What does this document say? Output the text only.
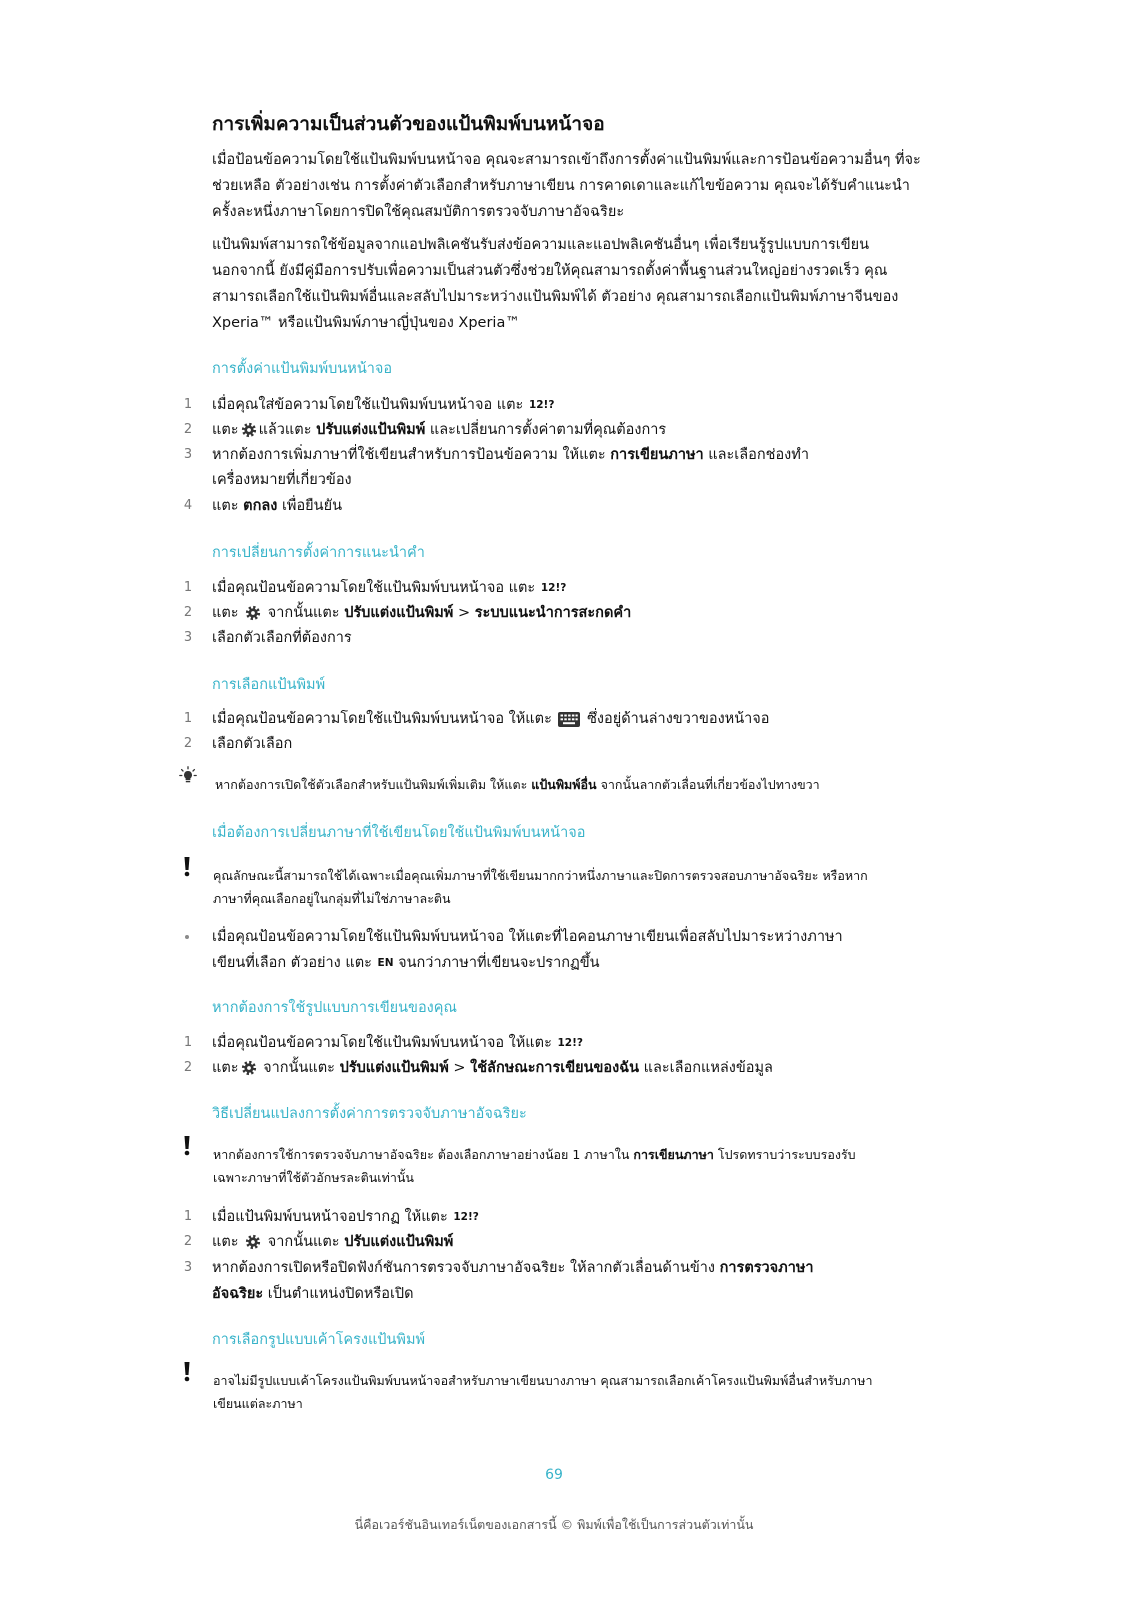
การเพิ่มความเป็นส่วนตัวของแป้นพิมพ์บนหน้าจอ
เมื่อป้อนข้อความโดยใช้แป้นพิมพ์บนหน้าจอ คุณจะสามารถเข้าถึงการตั้งค่าแป้นพิมพ์และการป้อนข้อความอื่นๆ ที่จะ
ช่วยเหลือ ตัวอย่างเช่น การตั้งค่าตัวเลือกสำหรับภาษาเขียน การคาดเดาและแก้ไขข้อความ คุณจะได้รับคำแนะนำ
ครั้งละหนึ่งภาษาโดยการปิดใช้คุณสมบัติการตรวจจับภาษาอัจฉริยะ
แป้นพิมพ์สามารถใช้ข้อมูลจากแอปพลิเคชันรับส่งข้อความและแอปพลิเคชันอื่นๆ เพื่อเรียนรู้รูปแบบการเขียน
นอกจากนี้ ยังมีคู่มือการปรับเพื่อความเป็นส่วนตัวซึ่งช่วยให้คุณสามารถตั้งค่าพื้นฐานส่วนใหญ่อย่างรวดเร็ว คุณ
สามารถเลือกใช้แป้นพิมพ์อื่นและสลับไปมาระหว่างแป้นพิมพ์ได้ ตัวอย่าง คุณสามารถเลือกแป้นพิมพ์ภาษาจีนของ
Xperia™ หรือแป้นพิมพ์ภาษาญี่ปุ่นของ Xperia™
การตั้งค่าแป้นพิมพ์บนหน้าจอ
1 เมื่อคุณใส่ข้อความโดยใช้แป้นพิมพ์บนหน้าจอ แตะ 12!?
2 แตะ แล้วแตะ ปรับแต่งแป้นพิมพ์ และเปลี่ยนการตั้งค่าตามที่คุณต้องการ
3 หากต้องการเพิ่มภาษาที่ใช้เขียนสำหรับการป้อนข้อความ ให้แตะ การเขียนภาษา และเลือกช่องทำ
เครื่องหมายที่เกี่ยวข้อง
4 แตะ ตกลง เพื่อยืนยัน
การเปลี่ยนการตั้งค่าการแนะนำคำ
1 เมื่อคุณป้อนข้อความโดยใช้แป้นพิมพ์บนหน้าจอ แตะ 12!?
2 แตะ  จากนั้นแตะ ปรับแต่งแป้นพิมพ์ > ระบบแนะนำการสะกดคำ
3 เลือกตัวเลือกที่ต้องการ
การเลือกแป้นพิมพ์
1 เมื่อคุณป้อนข้อความโดยใช้แป้นพิมพ์บนหน้าจอ ให้แตะ  ซึ่งอยู่ด้านล่างขวาของหน้าจอ
2 เลือกตัวเลือก
หากต้องการเปิดใช้ตัวเลือกสำหรับแป้นพิมพ์เพิ่มเติม ให้แตะ แป้นพิมพ์อื่น จากนั้นลากตัวเลื่อนที่เกี่ยวข้องไปทางขวา
เมื่อต้องการเปลี่ยนภาษาที่ใช้เขียนโดยใช้แป้นพิมพ์บนหน้าจอ
คุณลักษณะนี้สามารถใช้ได้เฉพาะเมื่อคุณเพิ่มภาษาที่ใช้เขียนมากกว่าหนึ่งภาษาและปิดการตรวจสอบภาษาอัจฉริยะ หรือหาก
ภาษาที่คุณเลือกอยู่ในกลุ่มที่ไม่ใช่ภาษาละติน
เมื่อคุณป้อนข้อความโดยใช้แป้นพิมพ์บนหน้าจอ ให้แตะที่ไอคอนภาษาเขียนเพื่อสลับไปมาระหว่างภาษา
เขียนที่เลือก ตัวอย่าง แตะ EN จนกว่าภาษาที่เขียนจะปรากฏขึ้น
หากต้องการใช้รูปแบบการเขียนของคุณ
1 เมื่อคุณป้อนข้อความโดยใช้แป้นพิมพ์บนหน้าจอ ให้แตะ 12!?
2 แตะ จากนั้นแตะ ปรับแต่งแป้นพิมพ์ > ใช้ลักษณะการเขียนของฉัน และเลือกแหล่งข้อมูล
วิธีเปลี่ยนแปลงการตั้งค่าการตรวจจับภาษาอัจฉริยะ
หากต้องการใช้การตรวจจับภาษาอัจฉริยะ ต้องเลือกภาษาอย่างน้อย 1 ภาษาใน การเขียนภาษา โปรดทราบว่าระบบรองรับ
เฉพาะภาษาที่ใช้ตัวอักษรละตินเท่านั้น
1 เมื่อแป้นพิมพ์บนหน้าจอปรากฏ ให้แตะ 12!?
2 แตะ  จากนั้นแตะ ปรับแต่งแป้นพิมพ์
3 หากต้องการเปิดหรือปิดฟังก์ชันการตรวจจับภาษาอัจฉริยะ ให้ลากตัวเลื่อนด้านข้าง การตรวจภาษา
อัจฉริยะ เป็นตำแหน่งปิดหรือเปิด
การเลือกรูปแบบเค้าโครงแป้นพิมพ์
อาจไม่มีรูปแบบเค้าโครงแป้นพิมพ์บนหน้าจอสำหรับภาษาเขียนบางภาษา คุณสามารถเลือกเค้าโครงแป้นพิมพ์อื่นสำหรับภาษา
เขียนแต่ละภาษา
69
นี่คือเวอร์ชันอินเทอร์เน็ตของเอกสารนี้ © พิมพ์เพื่อใช้เป็นการส่วนตัวเท่านั้น
